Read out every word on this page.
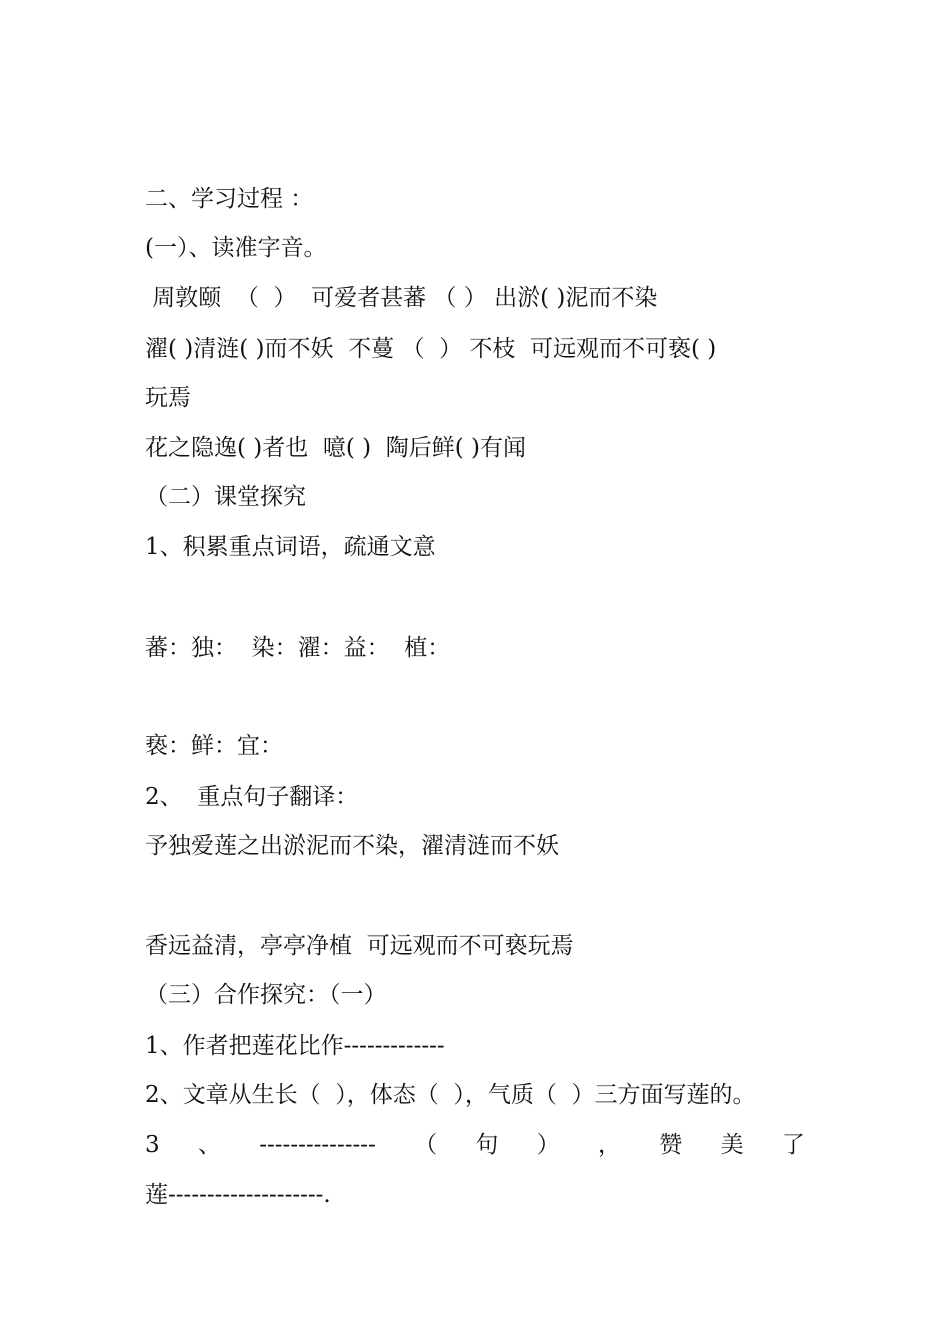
二、学习过程 ：
(一）、读准字音。
周敦颐  （  ）  可爱者甚蕃 （ ） 出淤( )泥而不染
濯( )清涟( )而不妖  不蔓 （  ） 不枝  可远观而不可亵( )
玩焉
花之隐逸( )者也  噫( )  陶后鲜( )有闻
（二）课堂探究
1、积累重点词语，疏通文意
蕃：独：  染：濯：益：  植：
亵：鲜：宜：
2、  重点句子翻译：
予独爱莲之出淤泥而不染，濯清涟而不妖
香远益清，亭亭净植  可远观而不可亵玩焉
（三）合作探究：（一）
1、作者把莲花比作-------------
2、文章从生长（  ），体态（  ），气质（  ）三方面写莲的。
3 、 --------------- （ 句 ） ， 赞 美 了
莲--------------------.
